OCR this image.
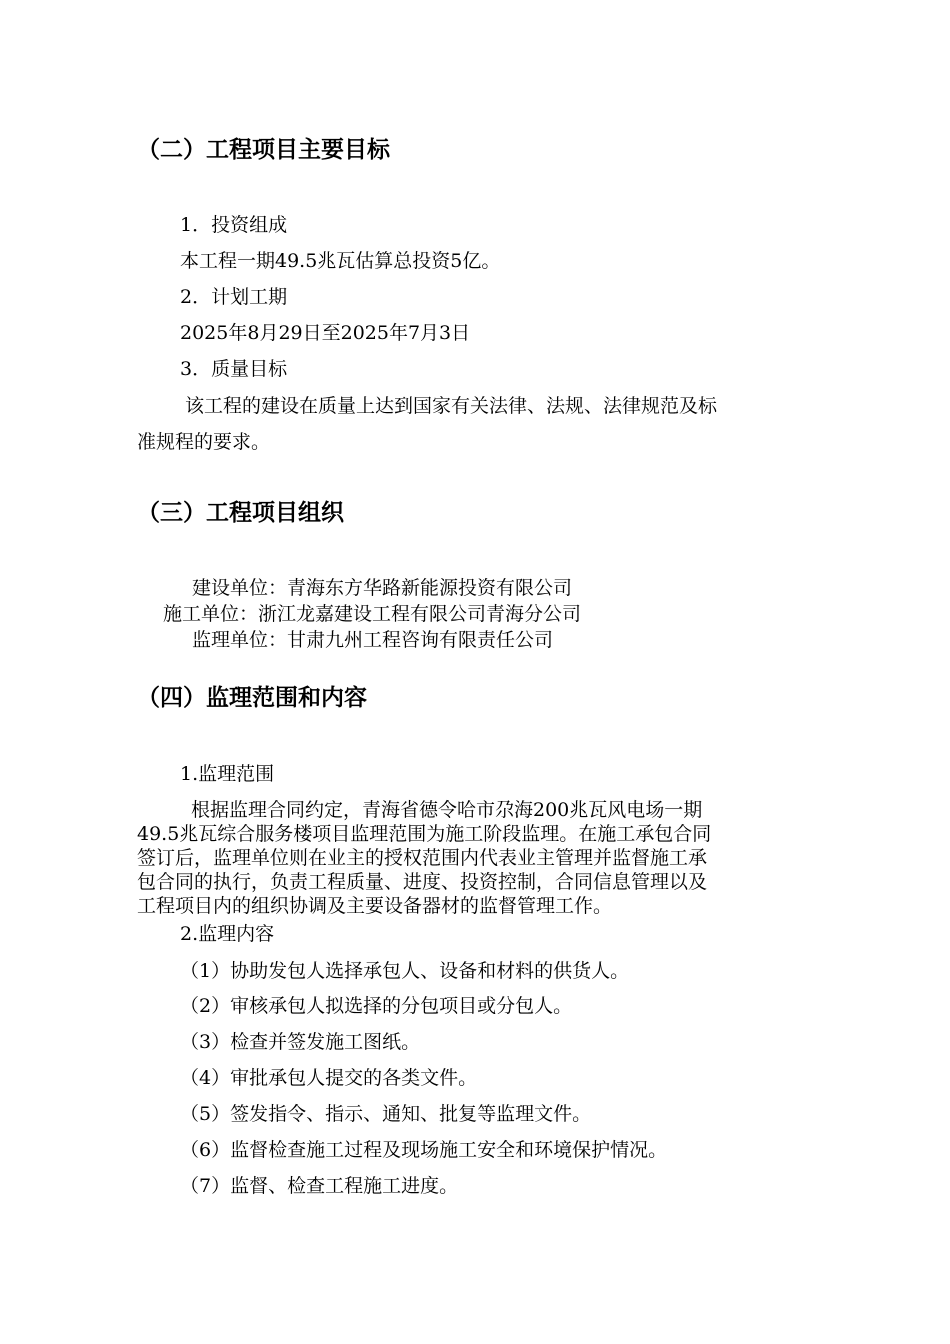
（二）工程项目主要目标
1．投资组成
本工程一期49.5兆瓦估算总投资5亿。
2．计划工期
2025年8月29日至2025年7月3日
3．质量目标
该工程的建设在质量上达到国家有关法律、法规、法律规范及标
准规程的要求。
（三）工程项目组织
建设单位：青海东方华路新能源投资有限公司
施工单位：浙江龙嘉建设工程有限公司青海分公司
监理单位：甘肃九州工程咨询有限责任公司
（四）监理范围和内容
1.监理范围
根据监理合同约定，青海省德令哈市尕海200兆瓦风电场一期
49.5兆瓦综合服务楼项目监理范围为施工阶段监理。在施工承包合同
签订后，监理单位则在业主的授权范围内代表业主管理并监督施工承
包合同的执行，负责工程质量、进度、投资控制，合同信息管理以及
工程项目内的组织协调及主要设备器材的监督管理工作。
2.监理内容
（1）协助发包人选择承包人、设备和材料的供货人。
（2）审核承包人拟选择的分包项目或分包人。
（3）检查并签发施工图纸。
（4）审批承包人提交的各类文件。
（5）签发指令、指示、通知、批复等监理文件。
（6）监督检查施工过程及现场施工安全和环境保护情况。
（7）监督、检查工程施工进度。
